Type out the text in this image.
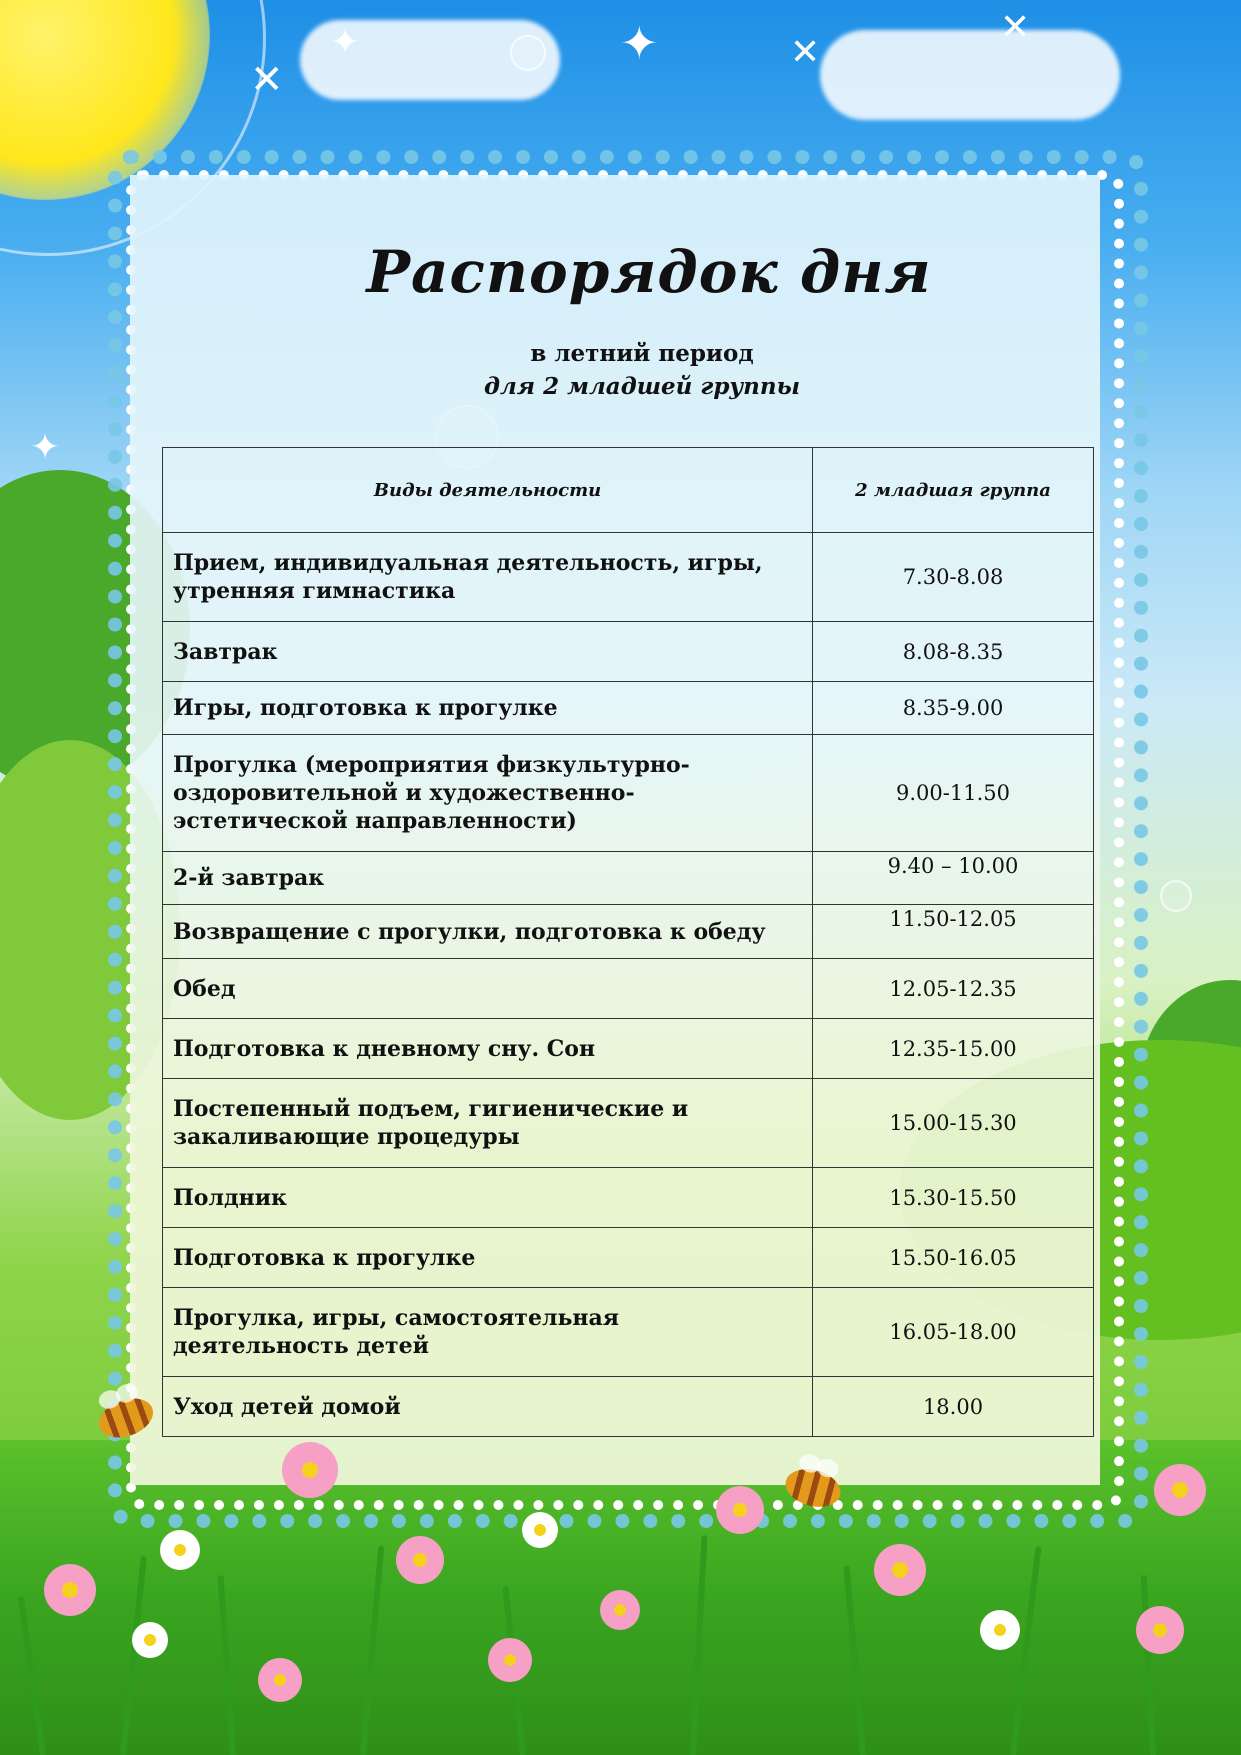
✦	✦	✕
✕
✕
✦
Распорядок дня
в летний период
для 2 младшей группы
Виды деятельности	2 младшая группа
Прием, индивидуальная деятельность, игры, утренняя гимнастика	7.30-8.08
Завтрак	8.08-8.35
Игры, подготовка к прогулке	8.35-9.00
Прогулка (мероприятия физкультурно-оздоровительной и художественно-эстетической направленности)	9.00-11.50
2-й завтрак	9.40 – 10.00
Возвращение с прогулки, подготовка к обеду	11.50-12.05
Обед	12.05-12.35
Подготовка к дневному сну. Сон	12.35-15.00
Постепенный подъем, гигиенические и закаливающие процедуры	15.00-15.30
Полдник	15.30-15.50
Подготовка к прогулке	15.50-16.05
Прогулка, игры, самостоятельная деятельность детей	16.05-18.00
Уход детей домой	18.00
